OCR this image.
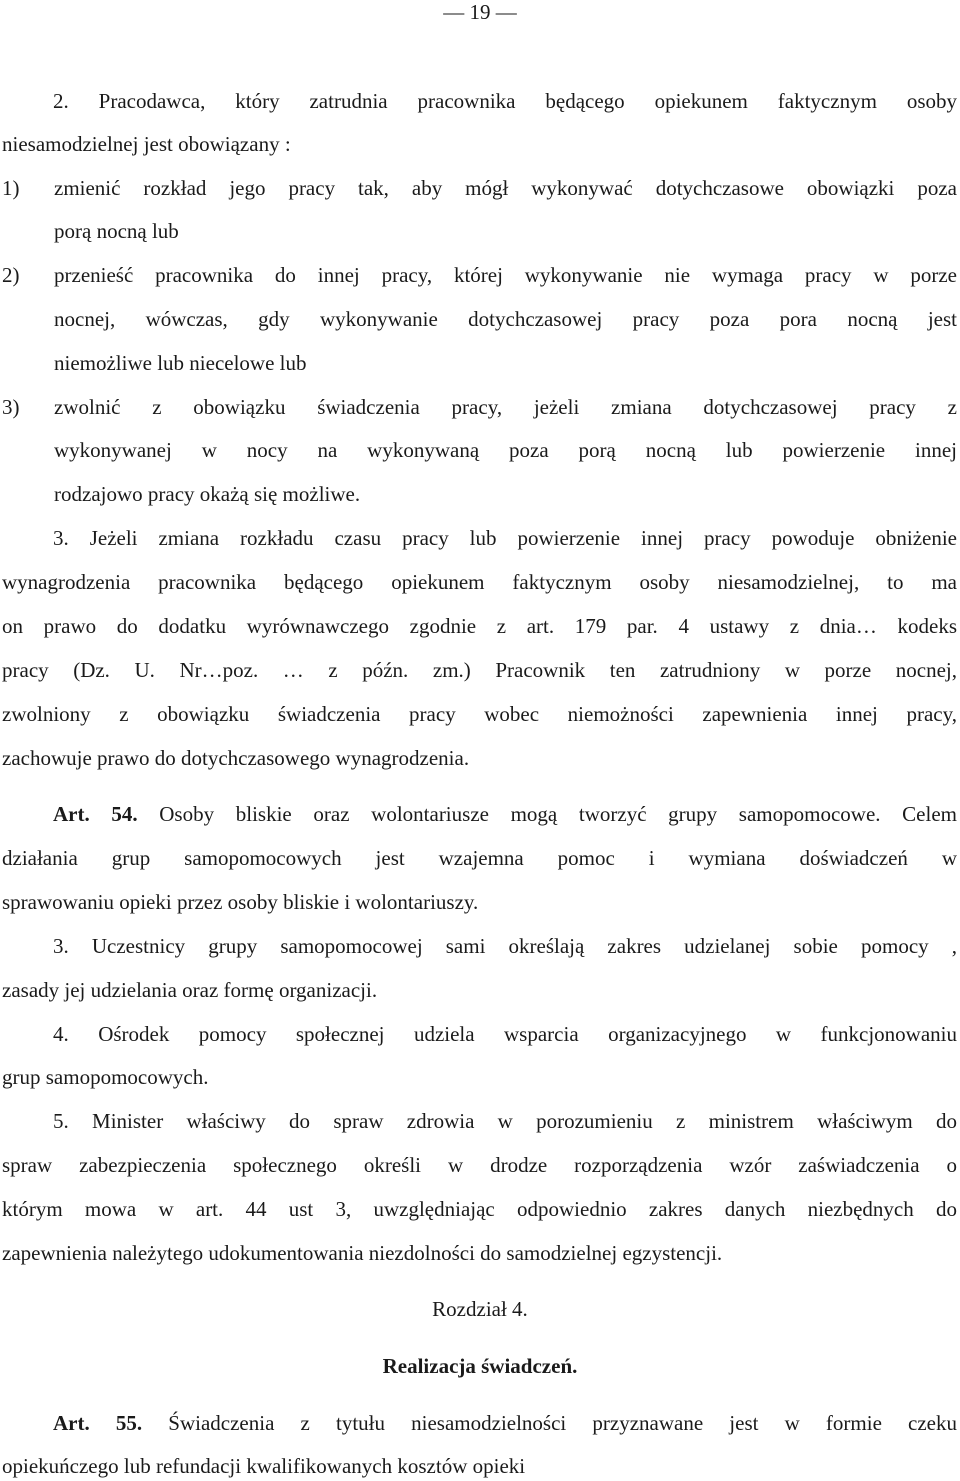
— 19 —
2. Pracodawca, który zatrudnia pracownika będącego opiekunem faktycznym osoby
niesamodzielnej jest obowiązany :
1)	zmienić rozkład jego pracy tak, aby mógł wykonywać dotychczasowe obowiązki poza
porą nocną lub
2)	przenieść pracownika do innej pracy, której wykonywanie nie wymaga pracy w porze
nocnej, wówczas, gdy wykonywanie dotychczasowej pracy poza pora nocną jest
niemożliwe lub niecelowe lub
3)	zwolnić z obowiązku świadczenia pracy, jeżeli zmiana dotychczasowej pracy z
wykonywanej w nocy na wykonywaną poza porą nocną lub powierzenie innej
rodzajowo pracy okażą się możliwe.
3. Jeżeli zmiana rozkładu czasu pracy lub powierzenie innej pracy powoduje obniżenie
wynagrodzenia pracownika będącego opiekunem faktycznym osoby niesamodzielnej, to ma
on prawo do dodatku wyrównawczego zgodnie z art. 179 par. 4 ustawy z dnia… kodeks
pracy (Dz. U. Nr…poz. … z późn. zm.) Pracownik ten zatrudniony w porze nocnej,
zwolniony z obowiązku świadczenia pracy wobec niemożności zapewnienia innej pracy,
zachowuje prawo do dotychczasowego wynagrodzenia.
Art. 54. Osoby bliskie oraz wolontariusze mogą tworzyć grupy samopomocowe. Celem
działania grup samopomocowych jest wzajemna pomoc i wymiana doświadczeń w
sprawowaniu opieki przez osoby bliskie i wolontariuszy.
3. Uczestnicy grupy samopomocowej sami określają zakres udzielanej sobie pomocy ,
zasady jej udzielania oraz formę organizacji.
4. Ośrodek pomocy społecznej udziela wsparcia organizacyjnego w funkcjonowaniu
grup samopomocowych.
5. Minister właściwy do spraw zdrowia w porozumieniu z ministrem właściwym do
spraw zabezpieczenia społecznego określi w drodze rozporządzenia wzór zaświadczenia o
którym mowa w art. 44 ust 3, uwzględniając odpowiednio zakres danych niezbędnych do
zapewnienia należytego udokumentowania niezdolności do samodzielnej egzystencji.
Rozdział 4.
Realizacja świadczeń.
Art. 55. Świadczenia z tytułu niesamodzielności przyznawane jest w formie czeku
opiekuńczego lub refundacji kwalifikowanych kosztów opieki
